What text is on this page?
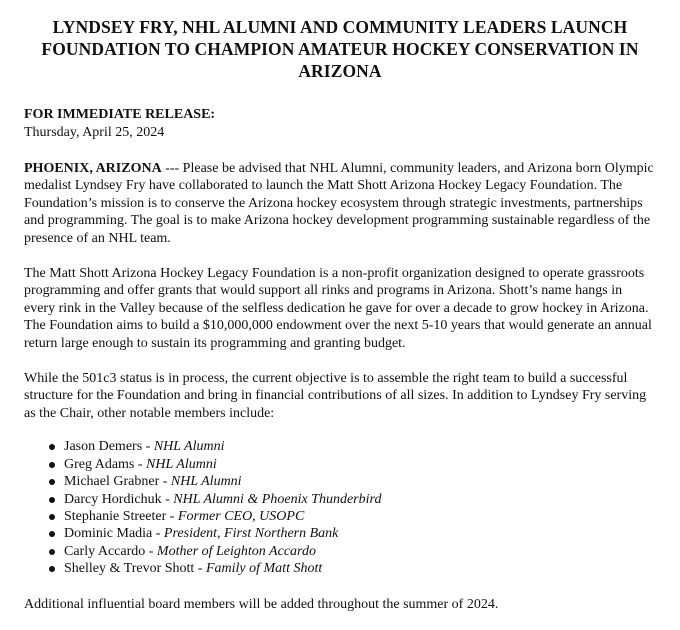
LYNDSEY FRY, NHL ALUMNI AND COMMUNITY LEADERS LAUNCH
FOUNDATION TO CHAMPION AMATEUR HOCKEY CONSERVATION IN
ARIZONA
FOR IMMEDIATE RELEASE:
Thursday, April 25, 2024

PHOENIX, ARIZONA --- Please be advised that NHL Alumni, community leaders, and Arizona born Olympic medalist Lyndsey Fry have collaborated to launch the Matt Shott Arizona Hockey Legacy Foundation. The Foundation’s mission is to conserve the Arizona hockey ecosystem through strategic investments, partnerships and programming. The goal is to make Arizona hockey development programming sustainable regardless of the presence of an NHL team.

The Matt Shott Arizona Hockey Legacy Foundation is a non-profit organization designed to operate grassroots programming and offer grants that would support all rinks and programs in Arizona. Shott’s name hangs in every rink in the Valley because of the selfless dedication he gave for over a decade to grow hockey in Arizona. The Foundation aims to build a $10,000,000 endowment over the next 5-10 years that would generate an annual return large enough to sustain its programming and granting budget.

While the 501c3 status is in process, the current objective is to assemble the right team to build a successful structure for the Foundation and bring in financial contributions of all sizes. In addition to Lyndsey Fry serving as the Chair, other notable members include:

Jason Demers - NHL Alumni
Greg Adams - NHL Alumni
Michael Grabner - NHL Alumni
Darcy Hordichuk - NHL Alumni & Phoenix Thunderbird
Stephanie Streeter - Former CEO, USOPC
Dominic Madia - President, First Northern Bank
Carly Accardo - Mother of Leighton Accardo
Shelley & Trevor Shott - Family of Matt Shott

Additional influential board members will be added throughout the summer of 2024.
